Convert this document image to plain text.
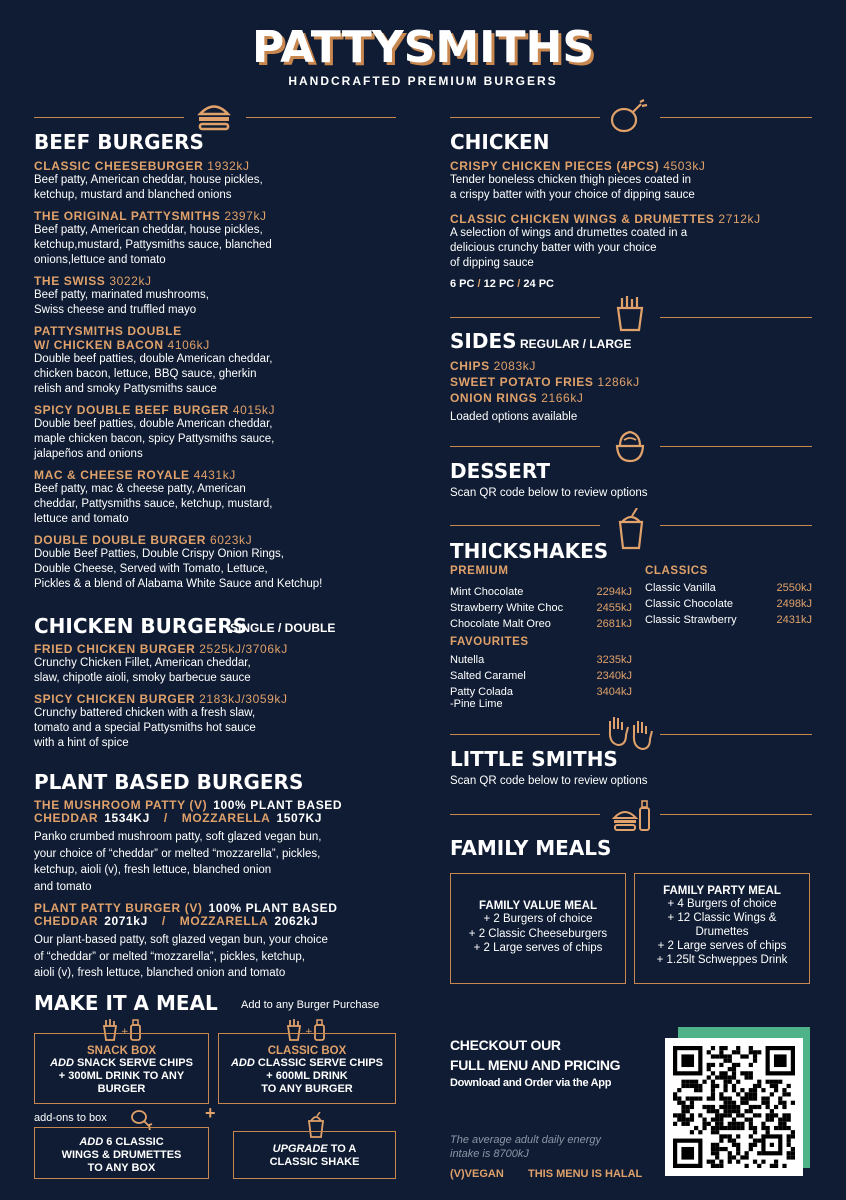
PATTYSMITHS
HANDCRAFTED PREMIUM BURGERS
BEEF BURGERS
CLASSIC CHEESEBURGER 1932kJ
Beef patty, American cheddar, house pickles,
ketchup, mustard and blanched onions
THE ORIGINAL PATTYSMITHS 2397kJ
Beef patty, American cheddar, house pickles,
ketchup,mustard, Pattysmiths sauce, blanched
onions,lettuce and tomato
THE SWISS 3022kJ
Beef patty, marinated mushrooms,
Swiss cheese and truffled mayo
PATTYSMITHS DOUBLE
W/ CHICKEN BACON 4106kJ
Double beef patties, double American cheddar,
chicken bacon, lettuce, BBQ sauce, gherkin
relish and smoky Pattysmiths sauce
SPICY DOUBLE BEEF BURGER 4015kJ
Double beef patties, double American cheddar,
maple chicken bacon, spicy Pattysmiths sauce,
jalapeños and onions
MAC & CHEESE ROYALE 4431kJ
Beef patty, mac & cheese patty, American
cheddar, Pattysmiths sauce, ketchup, mustard,
lettuce and tomato
DOUBLE DOUBLE BURGER 6023kJ
Double Beef Patties, Double Crispy Onion Rings,
Double Cheese, Served with Tomato, Lettuce,
Pickles & a blend of Alabama White Sauce and Ketchup!
CHICKEN BURGERS
SINGLE / DOUBLE
FRIED CHICKEN BURGER 2525kJ/3706kJ
Crunchy Chicken Fillet, American cheddar,
slaw, chipotle aioli, smoky barbecue sauce
SPICY CHICKEN BURGER 2183kJ/3059kJ
Crunchy battered chicken with a fresh slaw,
tomato and a special Pattysmiths hot sauce
with a hint of spice
PLANT BASED BURGERS
THE MUSHROOM PATTY (V) 100% PLANT BASED
CHEDDAR 1534KJ / MOZZARELLA 1507KJ
Panko crumbed mushroom patty, soft glazed vegan bun,
your choice of “cheddar” or melted “mozzarella”, pickles,
ketchup, aioli (v), fresh lettuce, blanched onion
and tomato
PLANT PATTY BURGER (V) 100% PLANT BASED
CHEDDAR 2071kJ / MOZZARELLA 2062kJ
Our plant-based patty, soft glazed vegan bun, your choice
of “cheddar” or melted “mozzarella”, pickles, ketchup,
aioli (v), fresh lettuce, blanched onion and tomato
MAKE IT A MEAL Add to any Burger Purchase
+	+
SNACK BOX
ADD SNACK SERVE CHIPS
+ 300ML DRINK TO ANY
BURGER
CLASSIC BOX
ADD CLASSIC SERVE CHIPS
+ 600ML DRINK
TO ANY BURGER
add-ons to box	+
ADD 6 CLASSIC
WINGS & DRUMETTES
TO ANY BOX
UPGRADE TO A
CLASSIC SHAKE
CHICKEN
CRISPY CHICKEN PIECES (4PCS) 4503kJ
Tender boneless chicken thigh pieces coated in
a crispy batter with your choice of dipping sauce
CLASSIC CHICKEN WINGS & DRUMETTES 2712kJ
A selection of wings and drumettes coated in a
delicious crunchy batter with your choice
of dipping sauce
6 PC / 12 PC / 24 PC
SIDES REGULAR / LARGE
CHIPS 2083kJ
SWEET POTATO FRIES 1286kJ
ONION RINGS 2166kJ
Loaded options available
DESSERT
Scan QR code below to review options
THICKSHAKES
PREMIUM
Mint Chocolate	2294kJ
Strawberry White Choc	2455kJ
Chocolate Malt Oreo	2681kJ
CLASSICS
Classic Vanilla	2550kJ
Classic Chocolate	2498kJ
Classic Strawberry	2431kJ
FAVOURITES
Nutella	3235kJ
Salted Caramel	2340kJ
Patty Colada
-Pine Lime
3404kJ
LITTLE SMITHS
Scan QR code below to review options
FAMILY MEALS
FAMILY VALUE MEAL
+ 2 Burgers of choice
+ 2 Classic Cheeseburgers
+ 2 Large serves of chips
FAMILY PARTY MEAL
+ 4 Burgers of choice
+ 12 Classic Wings &
Drumettes
+ 2 Large serves of chips
+ 1.25lt Schweppes Drink
CHECKOUT OUR
FULL MENU AND PRICING
Download and Order via the App
The average adult daily energy
intake is 8700kJ
(V)VEGAN THIS MENU IS HALAL
